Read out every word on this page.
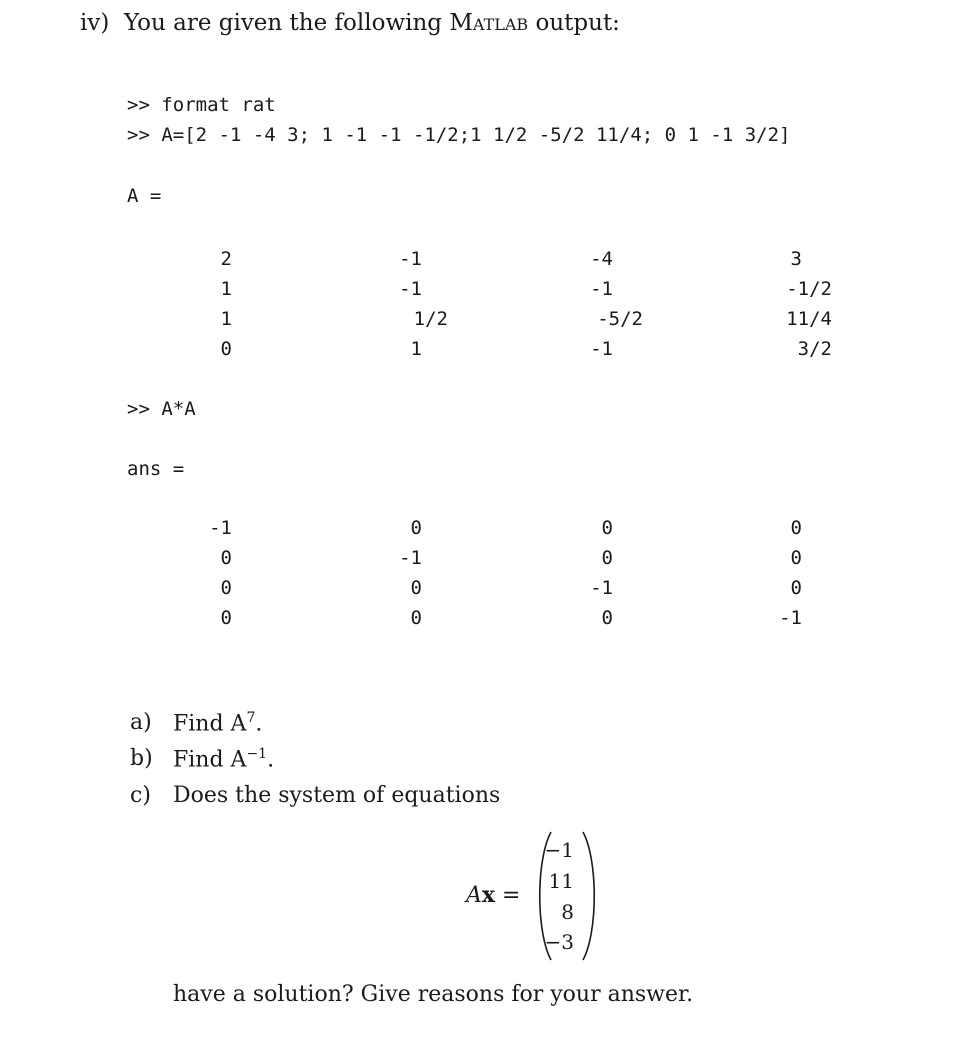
iv) You are given the following Matlab output:
>> format rat
>> A=[2 -1 -4 3; 1 -1 -1 -1/2;1 1/2 -5/2 11/4; 0 1 -1 3/2]
A =
2	-1	-4	3
1	-1	-1	-1/2
1	1/2	-5/2	11/4
0	1	-1	3/2
>> A*A
ans =
-1	0	0	0
0	-1	0	0
0	0	-1	0
0	0	0	-1
a) Find $A^7$.
b) Find $A^{-1}$.
c) Does the system of equations
Ax =
−1
11
8
−3
have a solution? Give reasons for your answer.
